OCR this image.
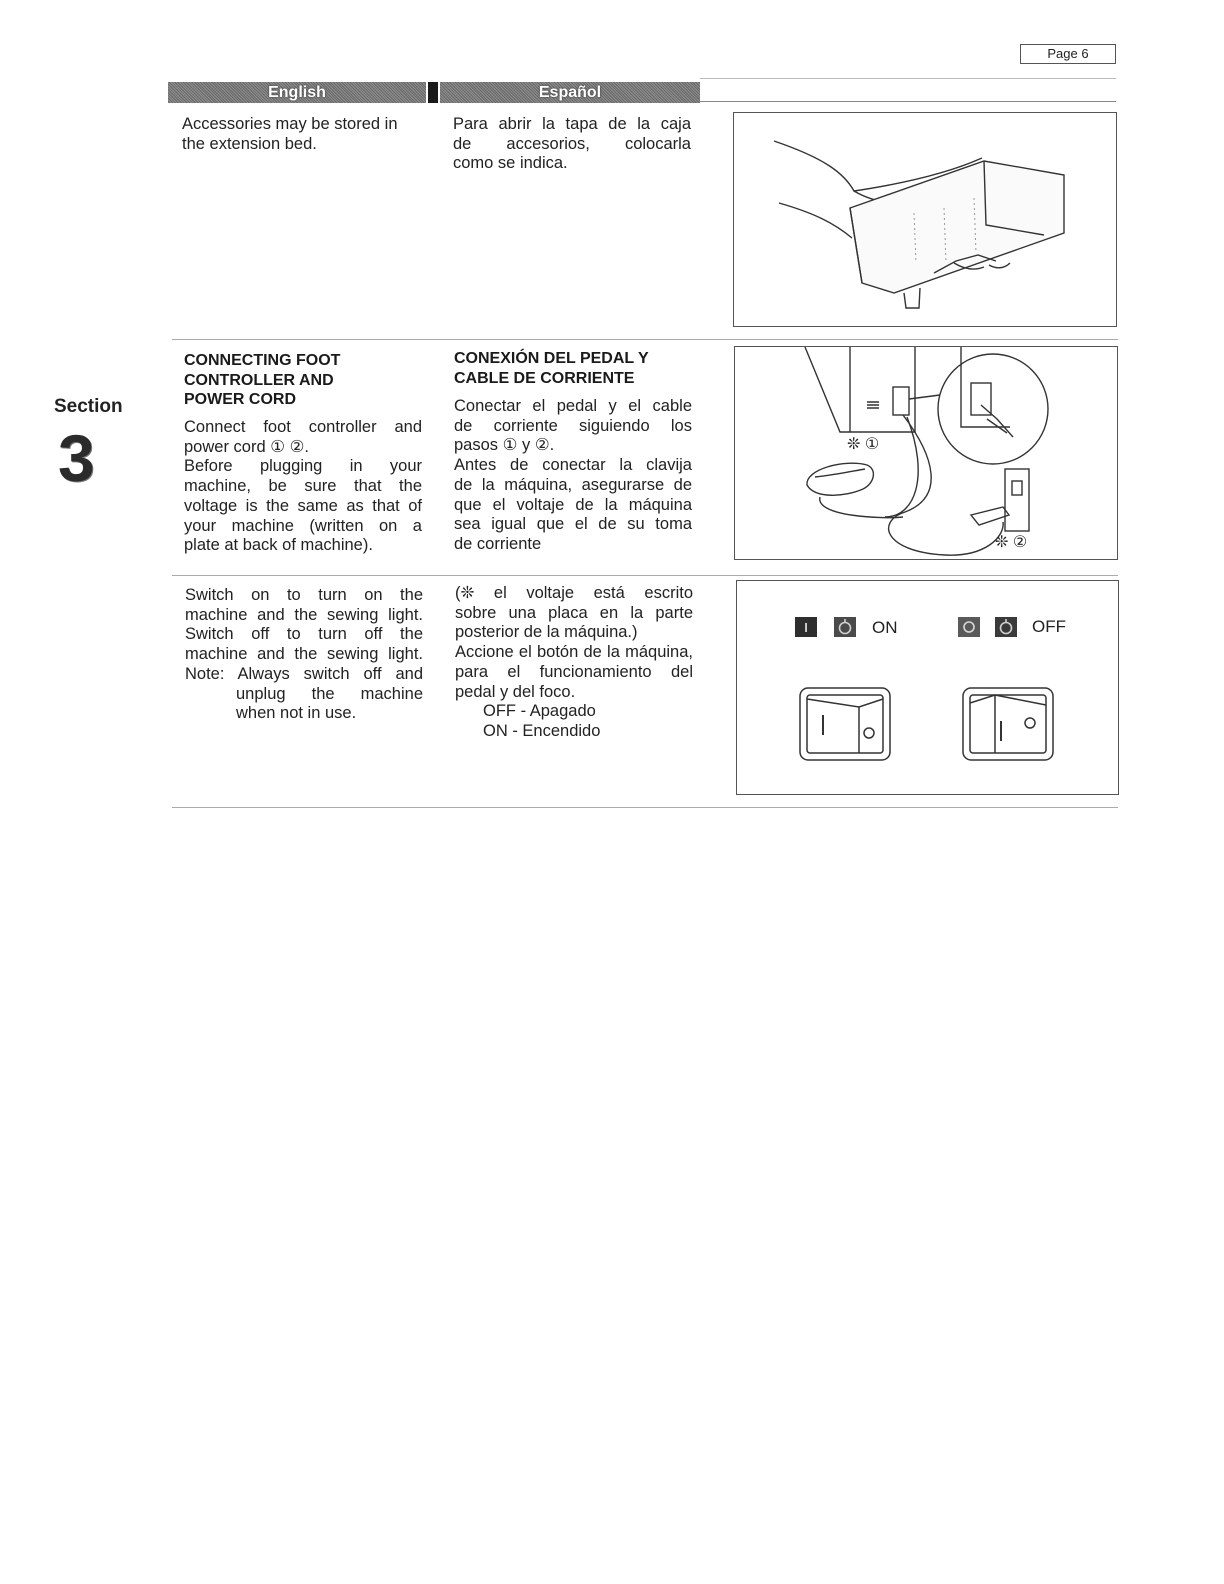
Page 6
English	Español
Section
3

Accessories may be stored in

the extension bed.

Para abrir la tapa de la caja

de accesorios, colocarla

como se indica.

CONNECTING FOOT
CONTROLLER AND
POWER CORD

Connect foot controller and

power cord ① ②.

Before plugging in your

machine, be sure that the

voltage is the same as that of

your machine (written on a

plate at back of machine).

CONEXIÓN DEL PEDAL Y
CABLE DE CORRIENTE

Conectar el pedal y el cable

de corriente siguiendo los

pasos ① y ②.

Antes de conectar la clavija

de la máquina, asegurarse de

que el voltaje de la máquina

sea igual que el de su toma

de corriente

❊ ①
❊ ②

Switch on to turn on the

machine and the sewing light.

Switch off to turn off the

machine and the sewing light.

Note: Always switch off and

unplug the machine

when not in use.

(❊ el voltaje está escrito

sobre una placa en la parte

posterior de la máquina.)

Accione el botón de la máquina,

para el funcionamiento del

pedal y del foco.

OFF - Apagado

ON - Encendido

I	ON	OFF
